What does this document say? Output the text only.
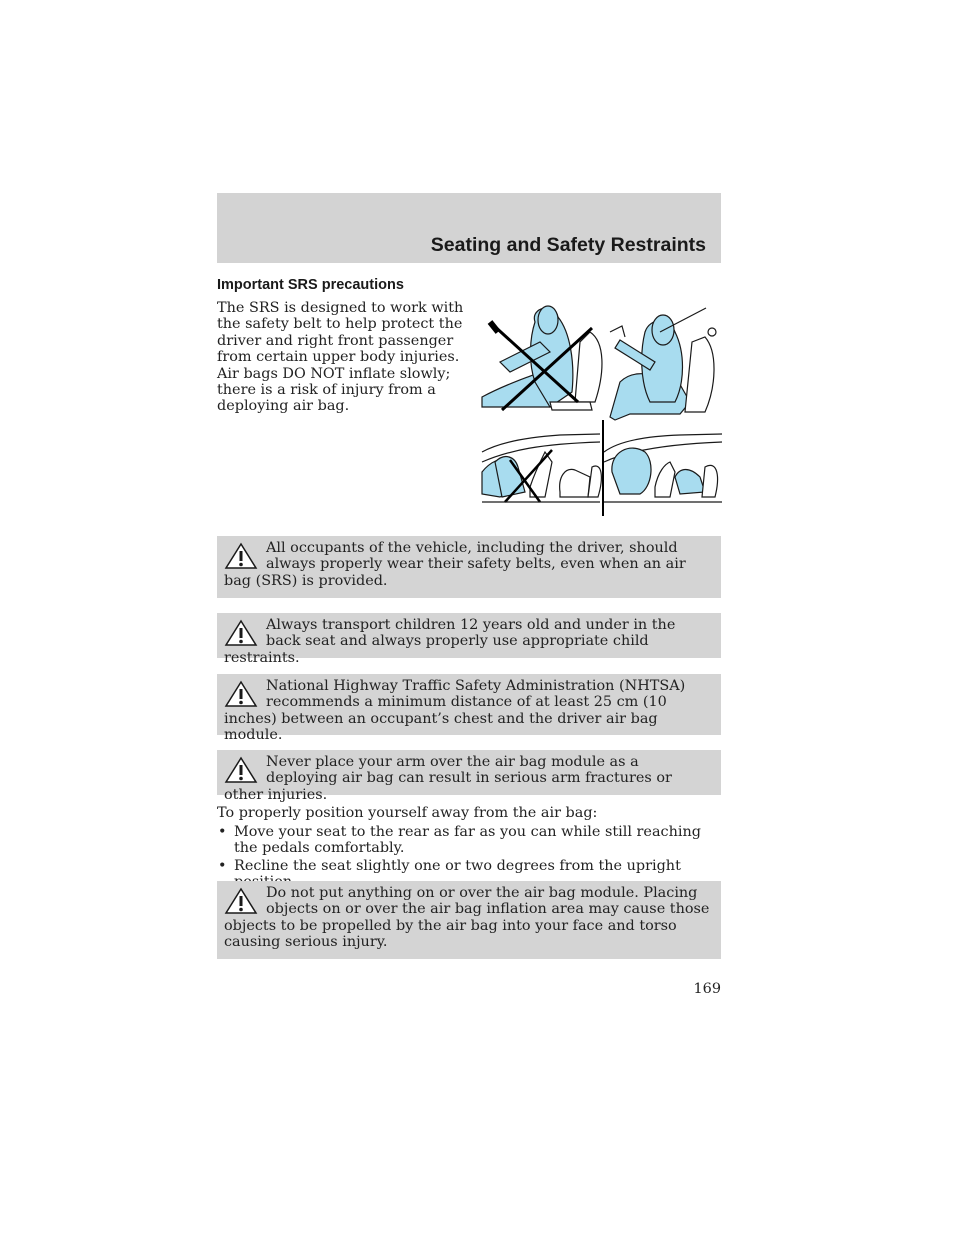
Seating and Safety Restraints
Important SRS precautions
The SRS is designed to work with the safety belt to help protect the driver and right front passenger from certain upper body injuries. Air bags DO NOT inflate slowly; there is a risk of injury from a deploying air bag.
All occupants of the vehicle, including the driver, should always properly wear their safety belts, even when an air bag (SRS) is provided.
Always transport children 12 years old and under in the back seat and always properly use appropriate child restraints.
National Highway Traffic Safety Administration (NHTSA) recommends a minimum distance of at least 25 cm (10 inches) between an occupant’s chest and the driver air bag module.
Never place your arm over the air bag module as a deploying air bag can result in serious arm fractures or other injuries.
To properly position yourself away from the air bag:
• Move your seat to the rear as far as you can while still reaching the pedals comfortably.
• Recline the seat slightly one or two degrees from the upright
Do not put anything on or over the air bag module. Placing objects on or over the air bag inflation area may cause those objects to be propelled by the air bag into your face and torso causing serious injury.
169
